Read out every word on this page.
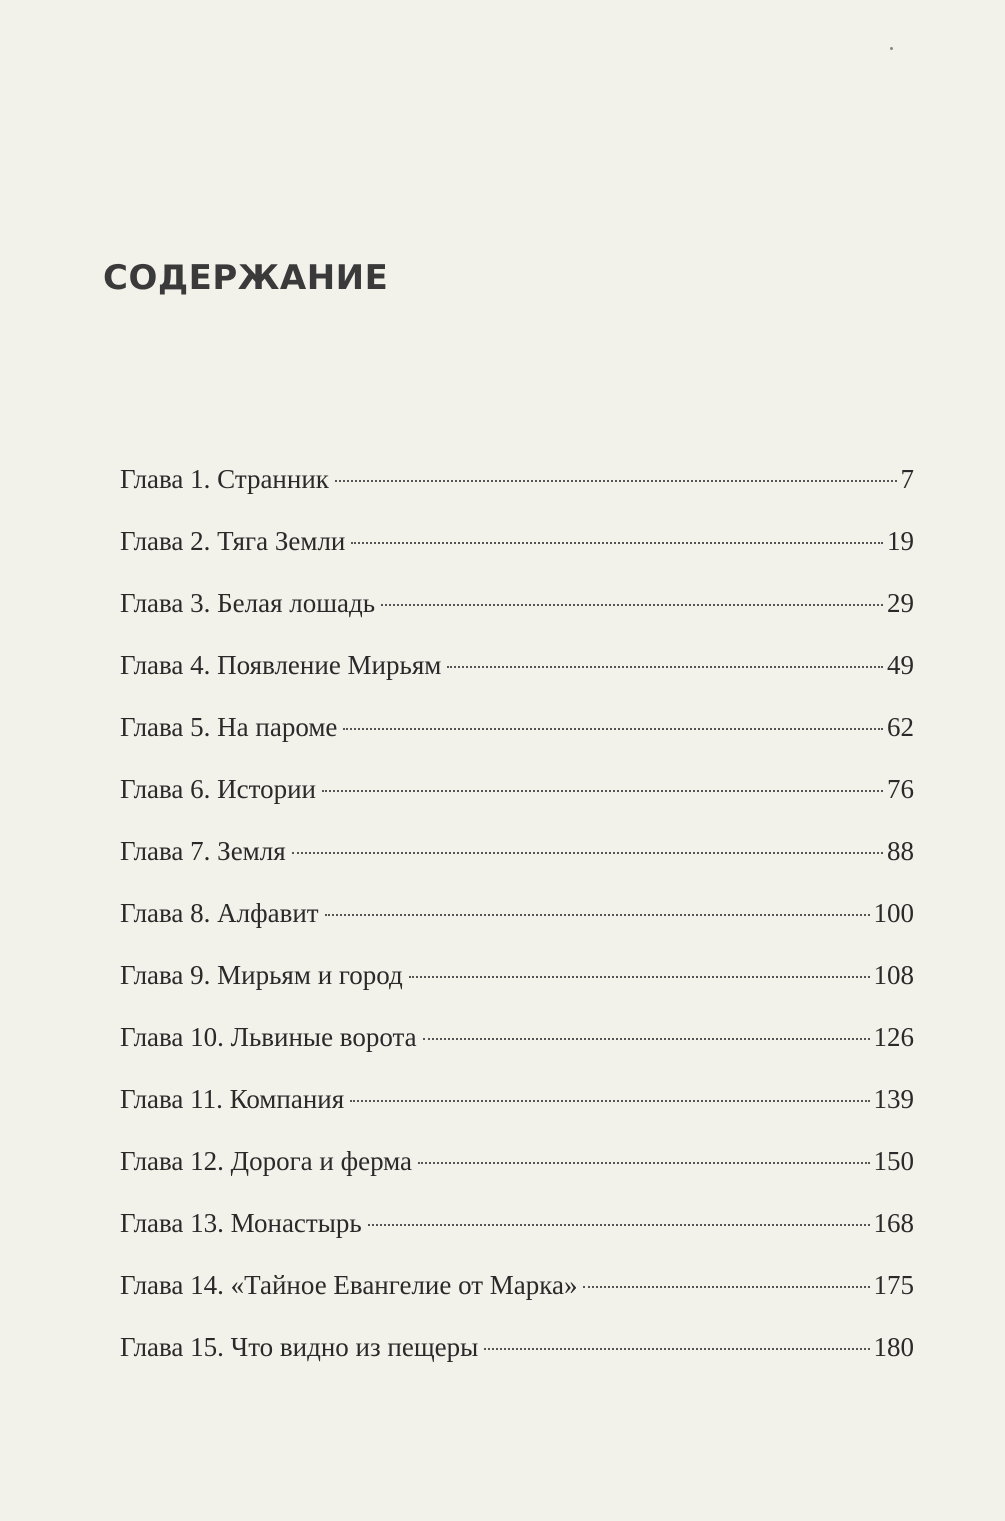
СОДЕРЖАНИЕ
Глава 1. Странник	7
Глава 2. Тяга Земли	19
Глава 3. Белая лошадь	29
Глава 4. Появление Мирьям	49
Глава 5. На пароме	62
Глава 6. Истории	76
Глава 7. Земля	88
Глава 8. Алфавит	100
Глава 9. Мирьям и город	108
Глава 10. Львиные ворота	126
Глава 11. Компания	139
Глава 12. Дорога и ферма	150
Глава 13. Монастырь	168
Глава 14. «Тайное Евангелие от Марка»	175
Глава 15. Что видно из пещеры	180
